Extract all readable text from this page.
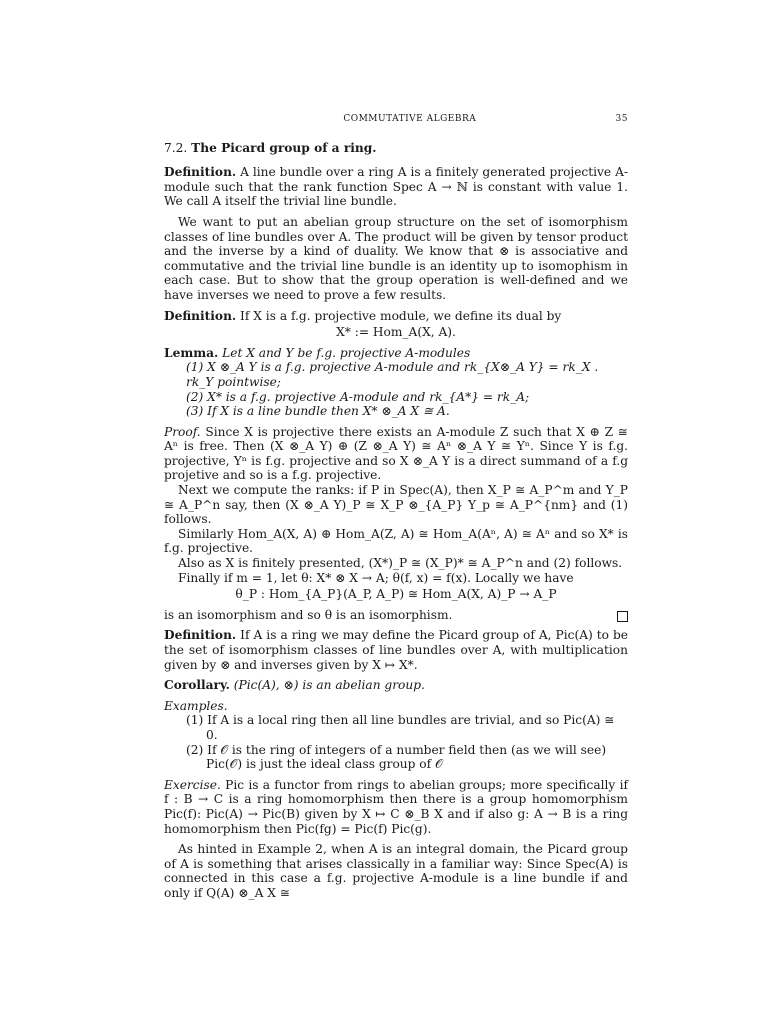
COMMUTATIVE ALGEBRA	35

7.2. The Picard group of a ring.

Definition. A line bundle over a ring A is a finitely generated projective A-module such that the rank function Spec A → ℕ is constant with value 1. We call A itself the trivial line bundle.

We want to put an abelian group structure on the set of isomorphism classes of line bundles over A. The product will be given by tensor product and the inverse by a kind of duality. We know that ⊗ is associative and commutative and the trivial line bundle is an identity up to isomophism in each case. But to show that the group operation is well-defined and we have inverses we need to prove a few results.

Definition. If X is a f.g. projective module, we define its dual by

X* := Hom_A(X, A).

Lemma. Let X and Y be f.g. projective A-modules

(1) X ⊗_A Y is a f.g. projective A-module and rk_{X⊗_A Y} = rk_X . rk_Y pointwise;
(2) X* is a f.g. projective A-module and rk_{A*} = rk_A;
(3) If X is a line bundle then X* ⊗_A X ≅ A.

Proof. Since X is projective there exists an A-module Z such that X ⊕ Z ≅ Aⁿ is free. Then (X ⊗_A Y) ⊕ (Z ⊗_A Y) ≅ Aⁿ ⊗_A Y ≅ Yⁿ. Since Y is f.g. projective, Yⁿ is f.g. projective and so X ⊗_A Y is a direct summand of a f.g projetive and so is a f.g. projective.

Next we compute the ranks: if P in Spec(A), then X_P ≅ A_P^m and Y_P ≅ A_P^n say, then (X ⊗_A Y)_P ≅ X_P ⊗_{A_P} Y_p ≅ A_P^{nm} and (1) follows.

Similarly Hom_A(X, A) ⊕ Hom_A(Z, A) ≅ Hom_A(Aⁿ, A) ≅ Aⁿ and so X* is f.g. projective.

Also as X is finitely presented, (X*)_P ≅ (X_P)* ≅ A_P^n and (2) follows.

Finally if m = 1, let θ: X* ⊗ X → A; θ(f, x) = f(x). Locally we have

θ_P : Hom_{A_P}(A_P, A_P) ≅ Hom_A(X, A)_P → A_P
is an isomorphism and so θ is an isomorphism.

Definition. If A is a ring we may define the Picard group of A, Pic(A) to be the set of isomorphism classes of line bundles over A, with multiplication given by ⊗ and inverses given by X ↦ X*.

Corollary. (Pic(A), ⊗) is an abelian group.

Examples.

(1) If A is a local ring then all line bundles are trivial, and so Pic(A) ≅ 0.
(2) If 𝒪 is the ring of integers of a number field then (as we will see) Pic(𝒪) is just the ideal class group of 𝒪

Exercise. Pic is a functor from rings to abelian groups; more specifically if f : B → C is a ring homomorphism then there is a group homomorphism Pic(f): Pic(A) → Pic(B) given by X ↦ C ⊗_B X and if also g: A → B is a ring homomorphism then Pic(fg) = Pic(f) Pic(g).

As hinted in Example 2, when A is an integral domain, the Picard group of A is something that arises classically in a familiar way: Since Spec(A) is connected in this case a f.g. projective A-module is a line bundle if and only if Q(A) ⊗_A X ≅
